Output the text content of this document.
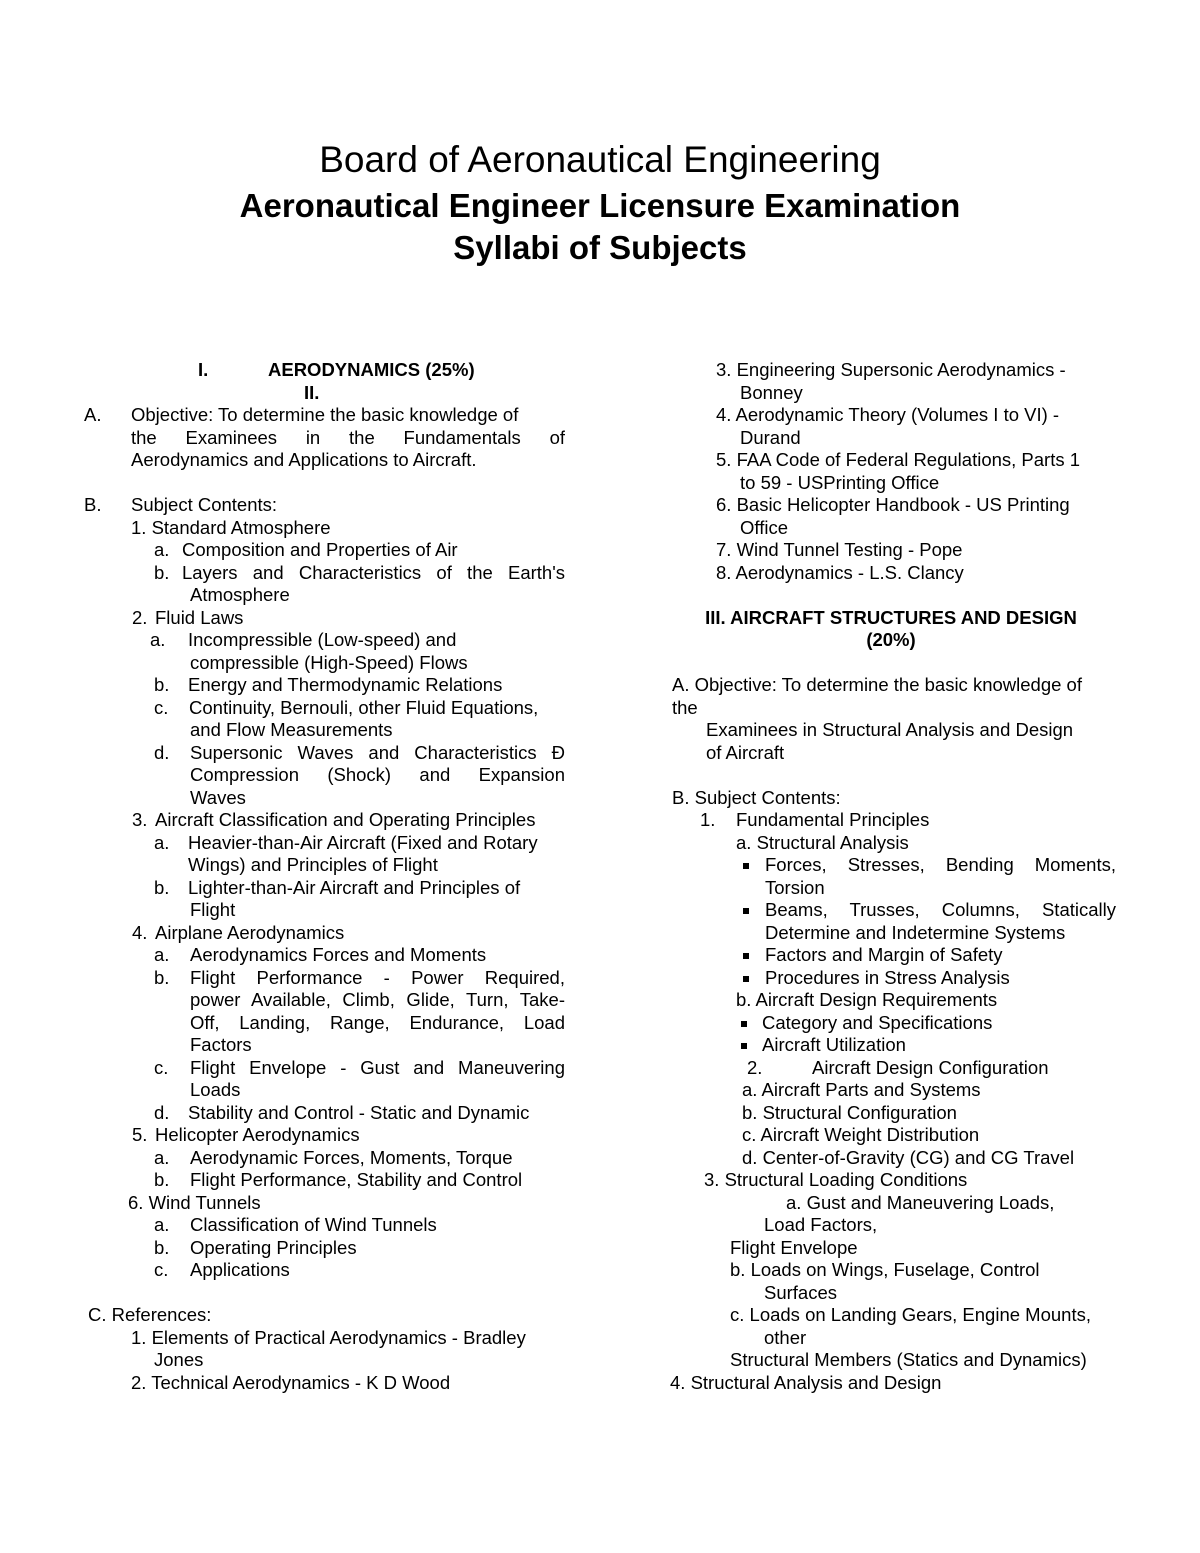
Board of Aeronautical Engineering
Aeronautical Engineer Licensure Examination
Syllabi of Subjects
I.	AERODYNAMICS (25%)
II.
A. Objective: To determine the basic knowledge of
the Examinees in the Fundamentals of
Aerodynamics and Applications to Aircraft.
B. Subject Contents:
1. Standard Atmosphere
a. Composition and Properties of Air
b. Layers and Characteristics of the Earth's
Atmosphere
2. Fluid Laws
a. Incompressible (Low-speed) and
compressible (High-Speed) Flows
b. Energy and Thermodynamic Relations
c. Continuity, Bernouli, other Fluid Equations,
and Flow Measurements
d. Supersonic Waves and Characteristics Đ
Compression (Shock) and Expansion
Waves
3. Aircraft Classification and Operating Principles
a. Heavier-than-Air Aircraft (Fixed and Rotary
Wings) and Principles of Flight
b. Lighter-than-Air Aircraft and Principles of
Flight
4. Airplane Aerodynamics
a. Aerodynamics Forces and Moments
b. Flight Performance - Power Required,
power Available, Climb, Glide, Turn, Take-
Off, Landing, Range, Endurance, Load
Factors
c. Flight Envelope - Gust and Maneuvering
Loads
d. Stability and Control - Static and Dynamic
5. Helicopter Aerodynamics
a. Aerodynamic Forces, Moments, Torque
b. Flight Performance, Stability and Control
6. Wind Tunnels
a. Classification of Wind Tunnels
b. Operating Principles
c. Applications
C. References:
1. Elements of Practical Aerodynamics - Bradley
Jones
2. Technical Aerodynamics - K D Wood
3. Engineering Supersonic Aerodynamics -
Bonney
4. Aerodynamic Theory (Volumes I to VI) -
Durand
5. FAA Code of Federal Regulations, Parts 1
to 59 - USPrinting Office
6. Basic Helicopter Handbook - US Printing
Office
7. Wind Tunnel Testing - Pope
8. Aerodynamics - L.S. Clancy
III. AIRCRAFT STRUCTURES AND DESIGN
(20%)
A. Objective: To determine the basic knowledge of
the
Examinees in Structural Analysis and Design
of Aircraft
B. Subject Contents:
1. Fundamental Principles
a. Structural Analysis
Forces, Stresses, Bending Moments,
Torsion
Beams, Trusses, Columns, Statically
Determine and Indetermine Systems
Factors and Margin of Safety
Procedures in Stress Analysis
b. Aircraft Design Requirements
Category and Specifications
Aircraft Utilization
2.	Aircraft Design Configuration
a. Aircraft Parts and Systems
b. Structural Configuration
c. Aircraft Weight Distribution
d. Center-of-Gravity (CG) and CG Travel
3. Structural Loading Conditions
a. Gust and Maneuvering Loads,
Load Factors,
Flight Envelope
b. Loads on Wings, Fuselage, Control
Surfaces
c. Loads on Landing Gears, Engine Mounts,
other
Structural Members (Statics and Dynamics)
4. Structural Analysis and Design
